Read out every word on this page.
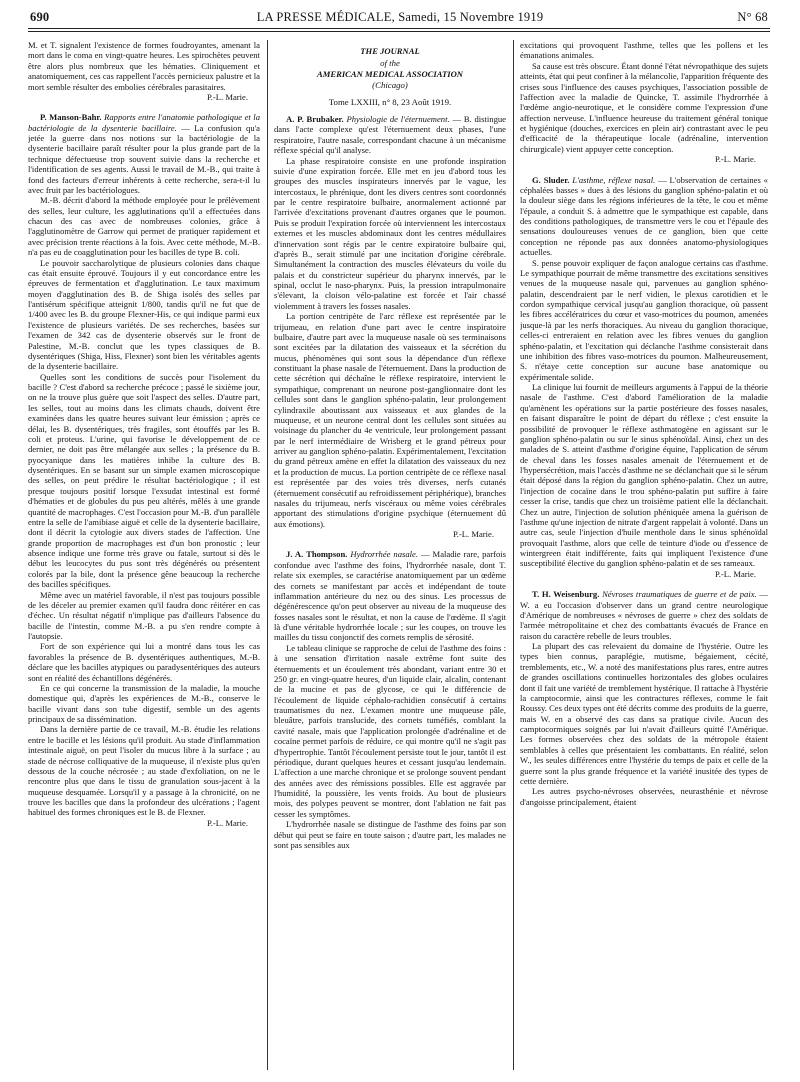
690	LA PRESSE MÉDICALE, Samedi, 15 Novembre 1919	N° 68

M. et T. signalent l'existence de formes foudroyantes, amenant la mort dans le coma en vingt-quatre heures. Les spirochètes peuvent être alors plus nombreux que les hématies. Cliniquement et anatomiquement, ces cas rappellent l'accès pernicieux palustre et la mort semble résulter des embolies cérébrales parasitaires.
P.-L. Marie.

P. Manson-Bahr. Rapports entre l'anatomie pathologique et la bactériologie de la dysenterie bacillaire. — La confusion qu'a jetée la guerre dans nos notions sur la bactériologie de la dysenterie bacillaire paraît résulter pour la plus grande part de la technique défectueuse trop souvent suivie dans la recherche et l'identification de ses agents. Aussi le travail de M.-B., qui traite à fond des facteurs d'erreur inhérents à cette recherche, sera-t-il lu avec fruit par les bactériologues.

M.-B. décrit d'abord la méthode employée pour le prélèvement des selles, leur culture, les agglutinations qu'il a effectuées dans chacun des cas avec de nombreuses colonies, grâce à l'agglutinomètre de Garrow qui permet de pratiquer rapidement et avec précision trente réactions à la fois. Avec cette méthode, M.-B. n'a pas eu de coagglutination pour les bacilles de type B. coli.

Le pouvoir saccharolytique de plusieurs colonies dans chaque cas était ensuite éprouvé. Toujours il y eut concordance entre les épreuves de fermentation et d'agglutination. Le taux maximum moyen d'agglutination des B. de Shiga isolés des selles par l'antisérum spécifique atteignit 1/800, tandis qu'il ne fut que de 1/400 avec les B. du groupe Flexner-His, ce qui indique parmi eux l'existence de plusieurs variétés. De ses recherches, basées sur l'examen de 342 cas de dysenterie observés sur le front de Palestine, M.-B. conclut que les types classiques de B. dysentériques (Shiga, Hiss, Flexner) sont bien les véritables agents de la dysenterie bacillaire.

Quelles sont les conditions de succès pour l'isolement du bacille ? C'est d'abord sa recherche précoce ; passé le sixième jour, on ne la trouve plus guère que soit l'aspect des selles. D'autre part, les selles, tout au moins dans les climats chauds, doivent être examinées dans les quatre heures suivant leur émission ; après ce délai, les B. dysentériques, très fragiles, sont étouffés par les B. coli et proteus. L'urine, qui favorise le développement de ce dernier, ne doit pas être mélangée aux selles ; la présence du B. pyocyanique dans les matières inhibe la culture des B. dysentériques. En se basant sur un simple examen microscopique des selles, on peut prédire le résultat bactériologique ; il est presque toujours positif lorsque l'exsudat intestinal est formé d'hématies et de globules du pus peu altérés, mêlés à une grande quantité de macrophages. C'est l'occasion pour M.-B. d'un parallèle entre la selle de l'amibiase aiguë et celle de la dysenterie bacillaire, dont il décrit la cytologie aux divers stades de l'affection. Une grande proportion de macrophages est d'un bon pronostic ; leur absence indique une forme très grave ou fatale, surtout si dès le début les leucocytes du pus sont très dégénérés ou présentent colorés par la bile, dont la présence gêne beaucoup la recherche des bacilles spécifiques.

Même avec un matériel favorable, il n'est pas toujours possible de les déceler au premier examen qu'il faudra donc réitérer en cas d'échec. Un résultat négatif n'implique pas d'ailleurs l'absence du bacille de l'intestin, comme M.-B. a pu s'en rendre compte à l'autopsie.

Fort de son expérience qui lui a montré dans tous les cas favorables la présence de B. dysentériques authentiques, M.-B. déclare que les bacilles atypiques ou paradysentériques des auteurs sont en réalité des échantillons dégénérés.

En ce qui concerne la transmission de la maladie, la mouche domestique qui, d'après les expériences de M.-B., conserve le bacille vivant dans son tube digestif, semble un des agents principaux de sa dissémination.

Dans la dernière partie de ce travail, M.-B. étudie les relations entre le bacille et les lésions qu'il produit. Au stade d'inflammation intestinale aiguë, on peut l'isoler du mucus libre à la surface ; au stade de nécrose colliquative de la muqueuse, il n'existe plus qu'en dessous de la couche nécrosée ; au stade d'exfoliation, on ne le rencontre plus que dans le tissu de granulation sous-jacent à la muqueuse desquamée. Lorsqu'il y a passage à la chronicité, on ne trouve les bacilles que dans la profondeur des ulcérations ; l'agent habituel des formes chroniques est le B. de Flexner.
P.-L. Marie.

THE JOURNAL
of the
AMERICAN MEDICAL ASSOCIATION
(Chicago)
Tome LXXIII, n° 8, 23 Août 1919.

A. P. Brubaker. Physiologie de l'éternuement. — B. distingue dans l'acte complexe qu'est l'éternuement deux phases, l'une respiratoire, l'autre nasale, correspondant chacune à un mécanisme réflexe spécial qu'il analyse.

La phase respiratoire consiste en une profonde inspiration suivie d'une expiration forcée. Elle met en jeu d'abord tous les groupes des muscles inspirateurs innervés par le vague, les intercostaux, le phrénique, dont les divers centres sont coordonnés par le centre respiratoire bulbaire, anormalement actionné par l'arrivée d'excitations provenant d'autres organes que le poumon. Puis se produit l'expiration forcée où interviennent les intercostaux externes et les muscles abdominaux dont les centres médullaires d'innervation sont régis par le centre expiratoire bulbaire qui, d'après B., serait stimulé par une incitation d'origine cérébrale. Simultanément la contraction des muscles élévateurs du voile du palais et du constricteur supérieur du pharynx innervés, par le spinal, occlut le naso-pharynx. Puis, la pression intrapulmonaire s'élevant, la cloison vélo-palatine est forcée et l'air chassé violemment à travers les fosses nasales.

La portion centripète de l'arc réflexe est représentée par le trijumeau, en relation d'une part avec le centre inspiratoire bulbaire, d'autre part avec la muqueuse nasale où ses terminaisons sont excitées par la dilatation des vaisseaux et la sécrétion du mucus, phénomènes qui sont sous la dépendance d'un réflexe constituant la phase nasale de l'éternuement. Dans la production de cette sécrétion qui déchaîne le réflexe respiratoire, intervient le sympathique, comprenant un neurone post-ganglionnaire dont les cellules sont dans le ganglion sphéno-palatin, leur prolongement cylindraxile aboutissant aux vaisseaux et aux glandes de la muqueuse, et un neurone central dont les cellules sont situées au voisinage du plancher du 4e ventricule, leur prolongement passant par le nerf intermédiaire de Wrisberg et le grand pétreux pour arriver au ganglion sphéno-palatin. Expérimentalement, l'excitation du grand pétreux amène en effet la dilatation des vaisseaux du nez et la production de mucus. La portion centripète de ce réflexe nasal est représentée par des voies très diverses, nerfs cutanés (éternuement consécutif au refroidissement périphérique), branches nasales du trijumeau, nerfs viscéraux ou même voies cérébrales apportant des stimulations d'origine psychique (éternuement dû aux émotions).
P.-L. Marie.

J. A. Thompson. Hydrorrhée nasale. — Maladie rare, parfois confondue avec l'asthme des foins, l'hydrorrhée nasale, dont T. relate six exemples, se caractérise anatomiquement par un œdème des cornets se manifestant par accès et indépendant de toute inflammation antérieure du nez ou des sinus. Les processus de dégénérescence qu'on peut observer au niveau de la muqueuse des fosses nasales sont le résultat, et non la cause de l'œdème. Il s'agit là d'une véritable hydrorrhée locale ; sur les coupes, on trouve les mailles du tissu conjonctif des cornets remplis de sérosité.

Le tableau clinique se rapproche de celui de l'asthme des foins : à une sensation d'irritation nasale extrême font suite des éternuements et un écoulement très abondant, variant entre 30 et 250 gr. en vingt-quatre heures, d'un liquide clair, alcalin, contenant de la mucine et pas de glycose, ce qui le différencie de l'écoulement de liquide céphalo-rachidien consécutif à certains traumatismes du nez. L'examen montre une muqueuse pâle, bleuâtre, parfois translucide, des cornets tuméfiés, comblant la cavité nasale, mais que l'application prolongée d'adrénaline et de cocaïne permet parfois de réduire, ce qui montre qu'il ne s'agit pas d'hypertrophie. Tantôt l'écoulement persiste tout le jour, tantôt il est périodique, durant quelques heures et cessant jusqu'au lendemain. L'affection a une marche chronique et se prolonge souvent pendant des années avec des rémissions possibles. Elle est aggravée par l'humidité, la poussière, les vents froids. Au bout de plusieurs mois, des polypes peuvent se montrer, dont l'ablation ne fait pas cesser les symptômes.

L'hydrorrhée nasale se distingue de l'asthme des foins par son début qui peut se faire en toute saison ; d'autre part, les malades ne sont pas sensibles aux

excitations qui provoquent l'asthme, telles que les pollens et les émanations animales.

Sa cause est très obscure. Étant donné l'état névropathique des sujets atteints, état qui peut confiner à la mélancolie, l'apparition fréquente des crises sous l'influence des causes psychiques, l'association possible de l'affection avec la maladie de Quincke, T. assimile l'hydrorrhée à l'œdème angio-neurotique, et le considère comme l'expression d'une affection nerveuse. L'influence heureuse du traitement général tonique et hygiénique (douches, exercices en plein air) contrastant avec le peu d'efficacité de la thérapeutique locale (adrénaline, intervention chirurgicale) vient appuyer cette conception.
P.-L. Marie.

G. Sluder. L'asthme, réflexe nasal. — L'observation de certaines « céphalées basses » dues à des lésions du ganglion sphéno-palatin et où la douleur siège dans les régions inférieures de la tête, le cou et même l'épaule, a conduit S. à admettre que le sympathique est capable, dans des conditions pathologiques, de transmettre vers le cou et l'épaule des sensations douloureuses venues de ce ganglion, bien que cette conception ne réponde pas aux données anatomo-physiologiques actuelles.

S. pense pouvoir expliquer de façon analogue certains cas d'asthme. Le sympathique pourrait de même transmettre des excitations sensitives venues de la muqueuse nasale qui, parvenues au ganglion sphéno-palatin, descendraient par le nerf vidien, le plexus carotidien et le cordon sympathique cervical jusqu'au ganglion thoracique, où passent les fibres accélératrices du cœur et vaso-motrices du poumon, amenées jusque-là par les nerfs thoraciques. Au niveau du ganglion thoracique, celles-ci entreraient en relation avec les fibres venues du ganglion sphéno-palatin, et l'excitation qui déclanche l'asthme consisterait dans une inhibition des fibres vaso-motrices du poumon. Malheureusement, S. n'étaye cette conception sur aucune base anatomique ou expérimentale solide.

La clinique lui fournit de meilleurs arguments à l'appui de la théorie nasale de l'asthme. C'est d'abord l'amélioration de la maladie qu'amènent les opérations sur la partie postérieure des fosses nasales, en faisant disparaître le point de départ du réflexe ; c'est ensuite la possibilité de provoquer le réflexe asthmatogène en agissant sur le ganglion sphéno-palatin ou sur le sinus sphénoïdal. Ainsi, chez un des malades de S. atteint d'asthme d'origine équine, l'application de sérum de cheval dans les fosses nasales amenait de l'éternuement et de l'hypersécrétion, mais l'accès d'asthme ne se déclanchait que si le sérum était déposé dans la région du ganglion sphéno-palatin. Chez un autre, l'injection de cocaïne dans le trou sphéno-palatin put suffire à faire cesser la crise, tandis que chez un troisième patient elle la déclanchait. Chez un autre, l'injection de solution phéniquée amena la guérison de l'asthme qu'une injection de nitrate d'argent rappelait à volonté. Dans un autre cas, seule l'injection d'huile menthole dans le sinus sphénoïdal provoquait l'asthme, alors que celle de teinture d'iode ou d'essence de wintergreen était indifférente, faits qui impliquent l'existence d'une susceptibilité élective du ganglion sphéno-palatin et de ses rameaux.
P.-L. Marie.

T. H. Weisenburg. Névroses traumatiques de guerre et de paix. — W. a eu l'occasion d'observer dans un grand centre neurologique d'Amérique de nombreuses « névroses de guerre » chez des soldats de l'armée métropolitaine et chez des combattants évacués de France en raison du caractère rebelle de leurs troubles.

La plupart des cas relevaient du domaine de l'hystérie. Outre les types bien connus, paraplégie, mutisme, bégaiement, cécité, tremblements, etc., W. a noté des manifestations plus rares, entre autres de grandes oscillations continuelles horizontales des globes oculaires dont il fait une variété de tremblement hystérique. Il rattache à l'hystérie la camptocormie, ainsi que les contractures réflexes, comme le fait Roussy. Ces deux types ont été décrits comme des produits de la guerre, mais W. en a observé des cas dans sa pratique civile. Aucun des camptocormiques soignés par lui n'avait d'ailleurs quitté l'Amérique. Les formes observées chez des soldats de la métropole étaient semblables à celles que présentaient les combattants. En réalité, selon W., les seules différences entre l'hystérie du temps de paix et celle de la guerre sont la plus grande fréquence et la variété inusitée des types de cette dernière.

Les autres psycho-névroses observées, neurasthénie et névrose d'angoisse principalement, étaient
